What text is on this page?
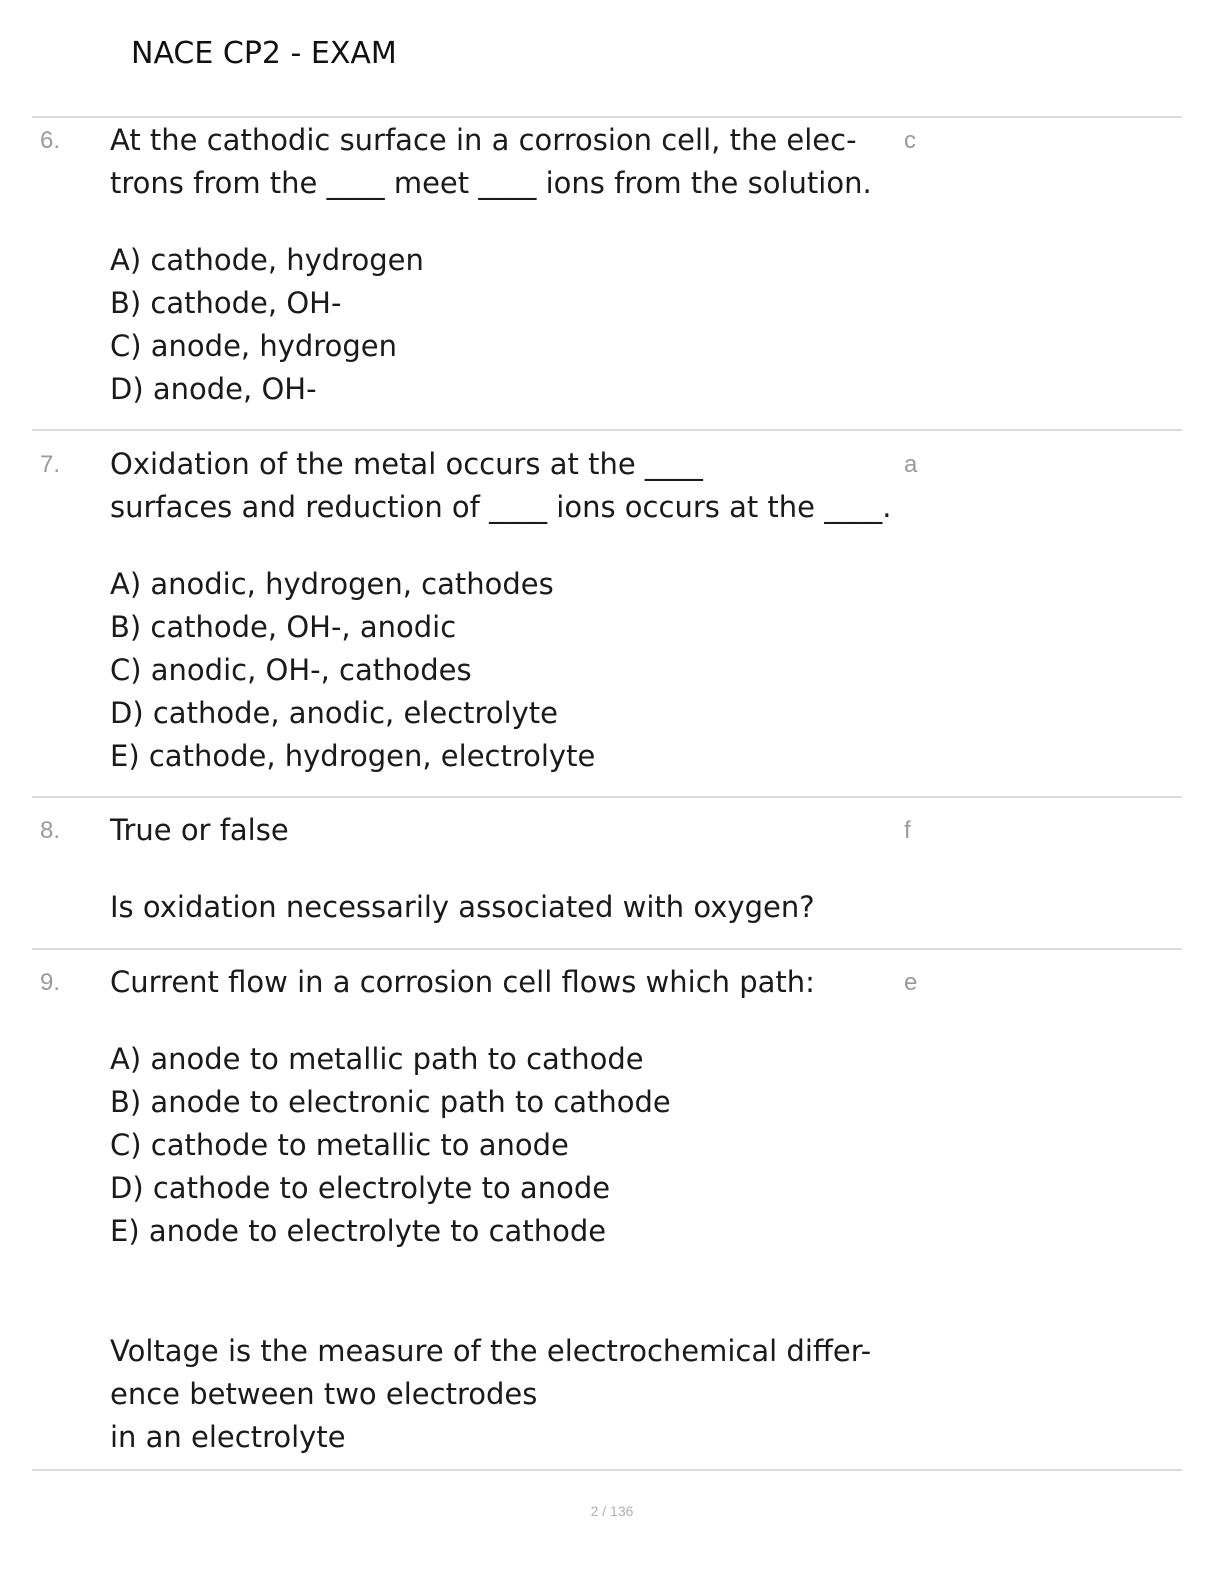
NACE CP2 - EXAM
6. At the cathodic surface in a corrosion cell, the elec-
trons from the ____ meet ____ ions from the solution.
A) cathode, hydrogen
B) cathode, OH-
C) anode, hydrogen
D) anode, OH-
c
7. Oxidation of the metal occurs at the ____
surfaces and reduction of ____ ions occurs at the ____.
A) anodic, hydrogen, cathodes
B) cathode, OH-, anodic
C) anodic, OH-, cathodes
D) cathode, anodic, electrolyte
E) cathode, hydrogen, electrolyte
a
8. True or false
Is oxidation necessarily associated with oxygen?
f
9. Current flow in a corrosion cell flows which path:
A) anode to metallic path to cathode
B) anode to electronic path to cathode
C) cathode to metallic to anode
D) cathode to electrolyte to anode
E) anode to electrolyte to cathode
Voltage is the measure of the electrochemical differ-
ence between two electrodes
in an electrolyte
e
2 / 136
